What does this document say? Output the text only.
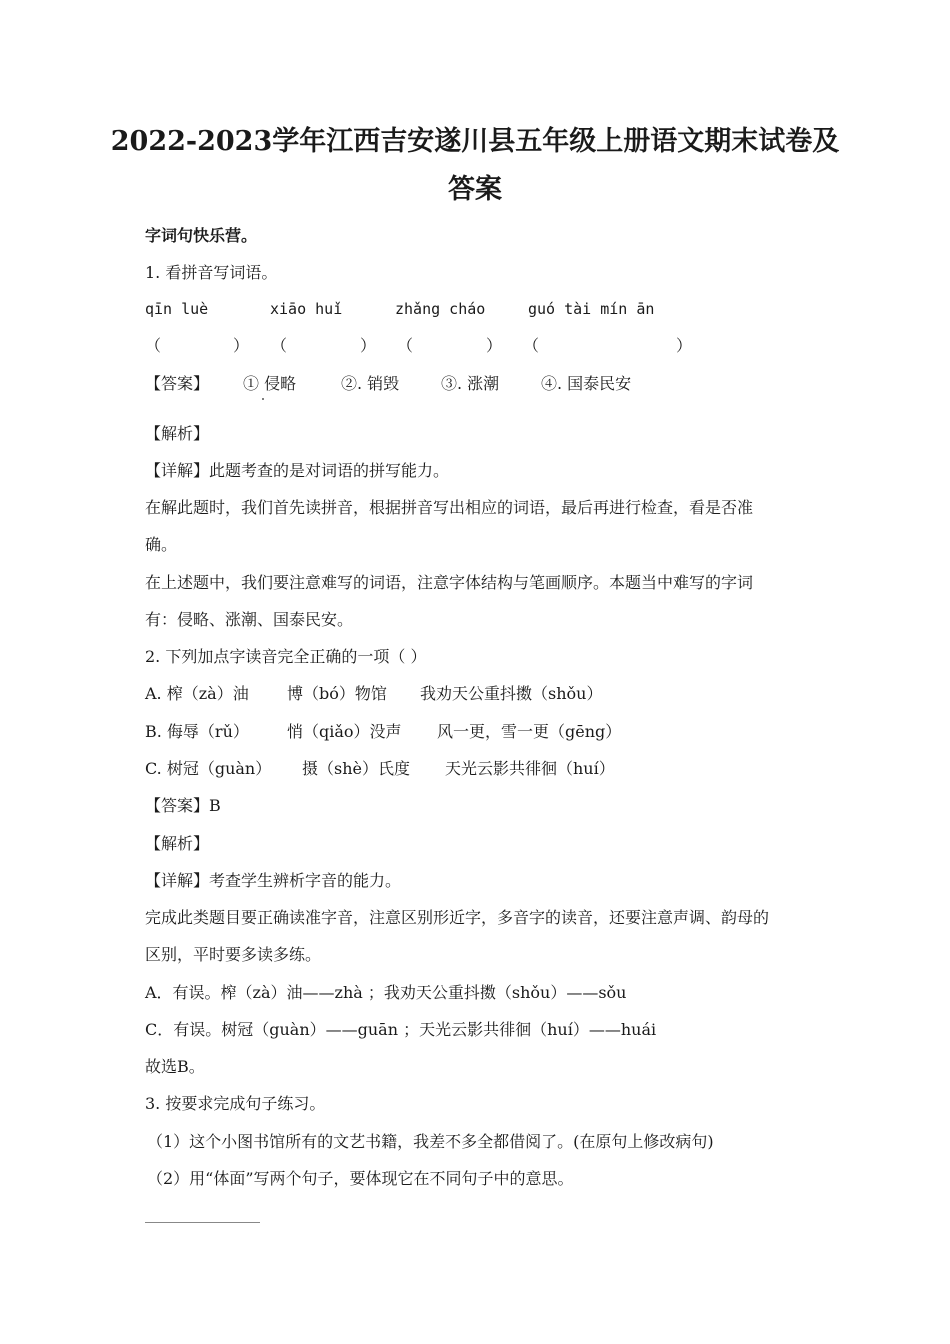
2022-2023学年江西吉安遂川县五年级上册语文期末试卷及
答案
字词句快乐营。
1. 看拼音写词语。
qīn luè	xiāo huǐ	zhǎng cháo	guó tài mín ān
（	） （	） （	） （	）
【答案】 ① 侵略	②. 销毁	③. 涨潮	④. 国泰民安
【解析】
【详解】此题考查的是对词语的拼写能力。
在解此题时，我们首先读拼音，根据拼音写出相应的词语，最后再进行检查，看是否准
确。
在上述题中，我们要注意难写的词语，注意字体结构与笔画顺序。本题当中难写的字词
有：侵略、涨潮、国泰民安。
2. 下列加点字读音完全正确的一项（ ）
A. 榨（zà）油 博（bó）物馆 我劝天公重抖擞（shǒu）
B. 侮辱（rǔ） 悄（qiǎo）没声 风一更，雪一更（gēng）
C. 树冠（guàn） 摄（shè）氏度 天光云影共徘徊（huí）
【答案】B
【解析】
【详解】考查学生辨析字音的能力。
完成此类题目要正确读准字音，注意区别形近字，多音字的读音，还要注意声调、韵母的
区别，平时要多读多练。
A．有误。榨（zà）油——zhà ；我劝天公重抖擞（shǒu）——sǒu
C．有误。树冠（guàn）——guān ；天光云影共徘徊（huí）——huái
故选B。
3. 按要求完成句子练习。
（1）这个小图书馆所有的文艺书籍，我差不多全都借阅了。(在原句上修改病句)
（2）用“体面”写两个句子，要体现它在不同句子中的意思。
